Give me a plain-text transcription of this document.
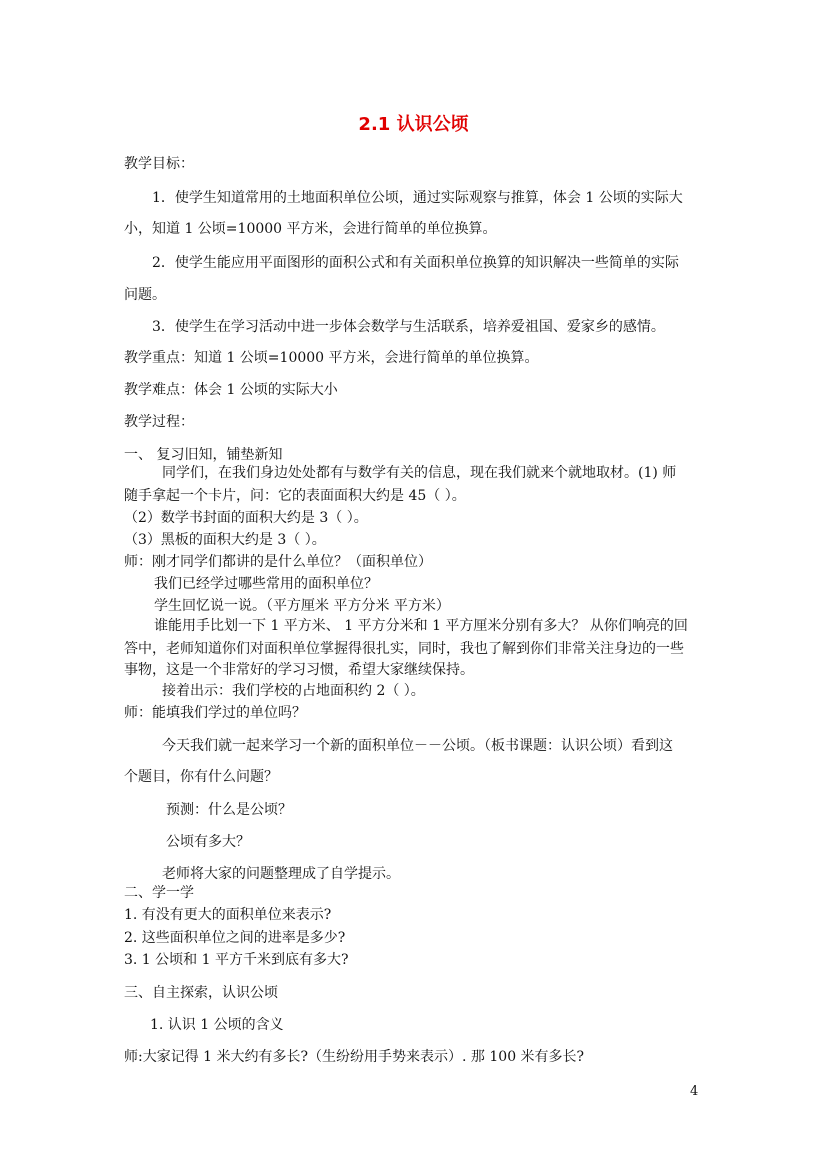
2.1 认识公顷
教学目标：
1．使学生知道常用的土地面积单位公顷，通过实际观察与推算，体会 1 公顷的实际大
小，知道 1 公顷=10000 平方米，会进行简单的单位换算。
2．使学生能应用平面图形的面积公式和有关面积单位换算的知识解决一些简单的实际
问题。
3．使学生在学习活动中进一步体会数学与生活联系，培养爱祖国、爱家乡的感情。
教学重点：知道 1 公顷=10000 平方米，会进行简单的单位换算。
教学难点：体会 1 公顷的实际大小
教学过程：
一、 复习旧知，铺垫新知
同学们，在我们身边处处都有与数学有关的信息，现在我们就来个就地取材。(1) 师
随手拿起一个卡片，问：它的表面面积大约是 45（ ）。
（2）数学书封面的面积大约是 3（ ）。
（3）黑板的面积大约是 3（ ）。
师：刚才同学们都讲的是什么单位？（面积单位）
我们已经学过哪些常用的面积单位？
学生回忆说一说。（平方厘米 平方分米 平方米）
谁能用手比划一下 1 平方米、 1 平方分米和 1 平方厘米分别有多大？ 从你们响亮的回
答中，老师知道你们对面积单位掌握得很扎实，同时，我也了解到你们非常关注身边的一些
事物，这是一个非常好的学习习惯，希望大家继续保持。
接着出示：我们学校的占地面积约 2（ ）。
师：能填我们学过的单位吗？
今天我们就一起来学习一个新的面积单位－－公顷。（板书课题：认识公顷）看到这
个题目，你有什么问题？
预测：什么是公顷？
公顷有多大？
老师将大家的问题整理成了自学提示。
二、学一学
1. 有没有更大的面积单位来表示?
2. 这些面积单位之间的进率是多少?
3. 1 公顷和 1 平方千米到底有多大?
三、自主探索，认识公顷
1. 认识 1 公顷的含义
师:大家记得 1 米大约有多长?（生纷纷用手势来表示）. 那 100 米有多长?
4
